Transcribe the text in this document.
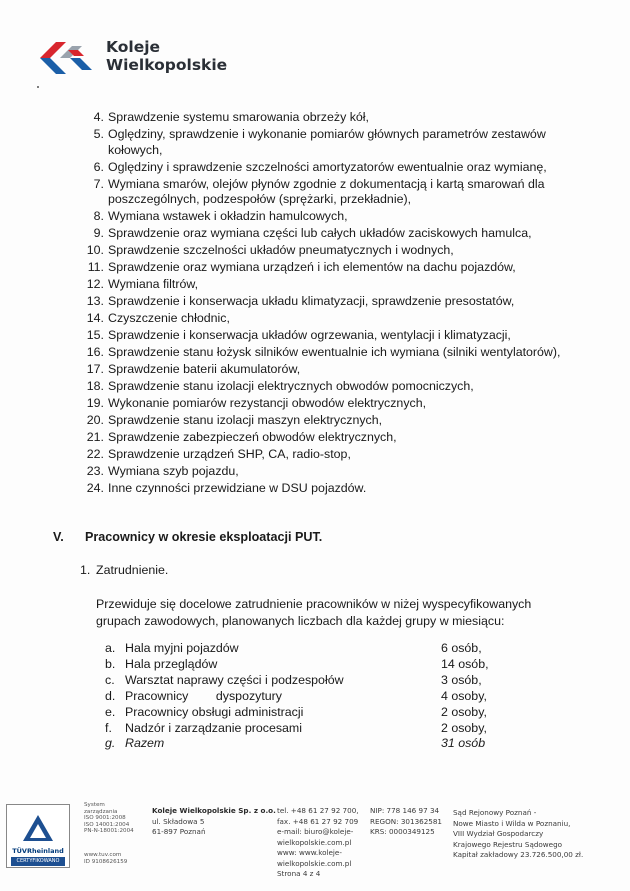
Koleje
Wielkopolskie
4. Sprawdzenie systemu smarowania obrzeży kół,
5. Oględziny, sprawdzenie i wykonanie pomiarów głównych parametrów zestawów kołowych,
6. Oględziny i sprawdzenie szczelności amortyzatorów ewentualnie oraz wymianę,
7. Wymiana smarów, olejów płynów zgodnie z dokumentacją i kartą smarowań dla poszczególnych, podzespołów (sprężarki, przekładnie),
8. Wymiana wstawek i okładzin hamulcowych,
9. Sprawdzenie oraz wymiana części lub całych układów zaciskowych hamulca,
10. Sprawdzenie szczelności układów pneumatycznych i wodnych,
11. Sprawdzenie oraz wymiana urządzeń i ich elementów na dachu pojazdów,
12. Wymiana filtrów,
13. Sprawdzenie i konserwacja układu klimatyzacji, sprawdzenie presostatów,
14. Czyszczenie chłodnic,
15. Sprawdzenie i konserwacja układów ogrzewania, wentylacji i klimatyzacji,
16. Sprawdzenie stanu łożysk silników ewentualnie ich wymiana (silniki wentylatorów),
17. Sprawdzenie baterii akumulatorów,
18. Sprawdzenie stanu izolacji elektrycznych obwodów pomocniczych,
19. Wykonanie pomiarów rezystancji obwodów elektrycznych,
20. Sprawdzenie stanu izolacji maszyn elektrycznych,
21. Sprawdzenie zabezpieczeń obwodów elektrycznych,
22. Sprawdzenie urządzeń SHP, CA, radio-stop,
23. Wymiana szyb pojazdu,
24. Inne czynności przewidziane w DSU pojazdów.
V.	Pracownicy w okresie eksploatacji PUT.
1. Zatrudnienie.
Przewiduje się docelowe zatrudnienie pracowników w niżej wyspecyfikowanych grupach zawodowych, planowanych liczbach dla każdej grupy w miesiącu:
a. Hala myjni pojazdów	6 osób,
b. Hala przeglądów	14 osób,
c. Warsztat naprawy części i podzespołów	3 osób,
d. Pracownicy        dyspozytury	4 osoby,
e. Pracownicy obsługi administracji	2 osoby,
f.	Nadzór i zarządzanie procesami	2 osoby,
g. Razem	31 osób
TÜVRheinland
CERTYFIKOWANO
System
zarządzania
ISO 9001:2008
ISO 14001:2004
PN-N-18001:2004
www.tuv.com
ID 9108626159
Koleje Wielkopolskie Sp. z o.o.
ul. Składowa 5
61-897 Poznań
tel. +48 61 27 92 700,
fax. +48 61 27 92 709
e-mail: biuro@koleje-
wielkopolskie.com.pl
www: www.koleje-
wielkopolskie.com.pl
Strona 4 z 4
NIP: 778 146 97 34
REGON: 301362581
KRS: 0000349125
Sąd Rejonowy Poznań -
Nowe Miasto i Wilda w Poznaniu,
VIII Wydział Gospodarczy
Krajowego Rejestru Sądowego
Kapitał zakładowy 23.726.500,00 zł.
